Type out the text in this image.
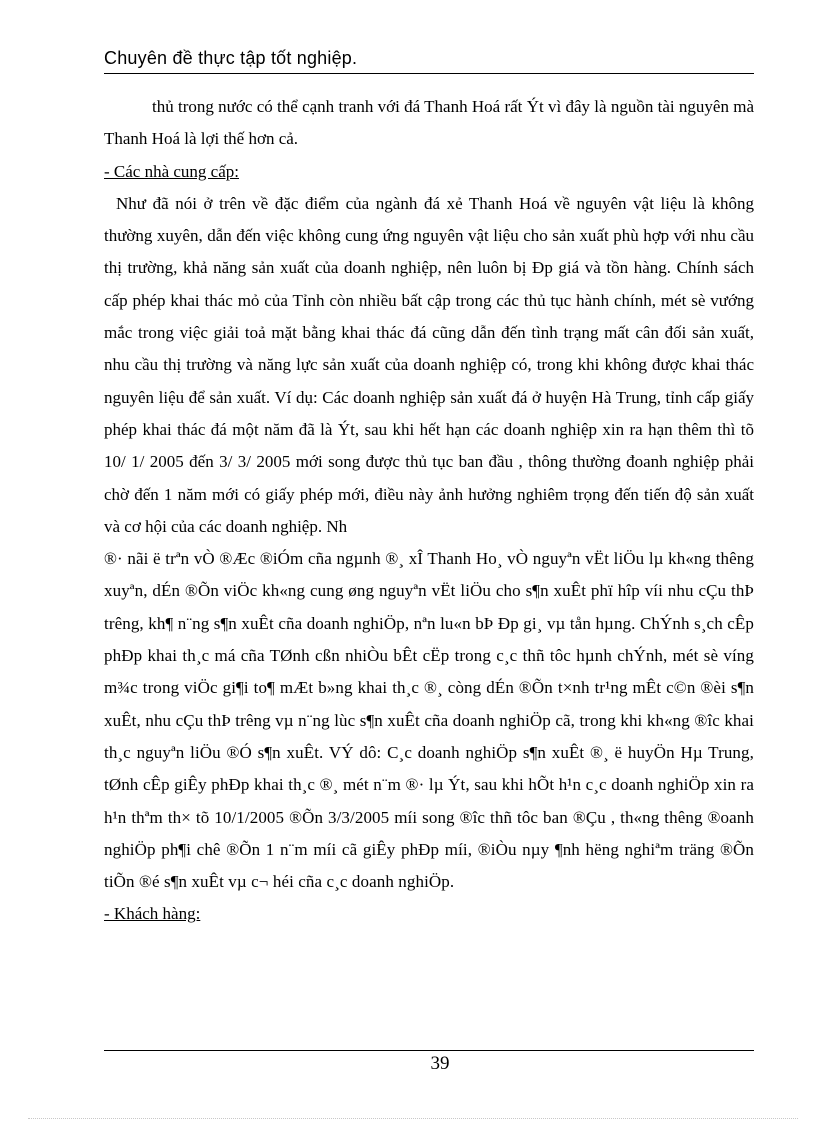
Chuyên đề thực tập tốt nghiệp.

thủ trong nước có thể cạnh tranh với đá Thanh Hoá rất Ýt vì đây là nguồn tài nguyên mà Thanh Hoá là lợi thế hơn cả.

- Các nhà cung cấp:

Như đã nói ở trên về đặc điểm của ngành đá xẻ Thanh Hoá về nguyên vật liệu là không thường xuyên, dẫn đến việc không cung ứng nguyên vật liệu cho sản xuất phù hợp với nhu cầu thị trường, khả năng sản xuất của doanh nghiệp, nên luôn bị Ðp giá và tồn hàng. Chính sách cấp phép khai thác mỏ của Tỉnh còn nhiều bất cập trong các thủ tục hành chính, mét sè vướng mắc trong việc giải toả mặt bằng khai thác đá cũng dẫn đến tình trạng mất cân đối sản xuất, nhu cầu thị trường và năng lực sản xuất của doanh nghiệp có, trong khi không được khai thác nguyên liệu để sản xuất. Ví dụ: Các doanh nghiệp sản xuất đá ở huyện Hà Trung, tỉnh cấp giấy phép khai thác đá một năm đã là Ýt, sau khi hết hạn các doanh nghiệp xin ra hạn thêm thì tõ 10/ 1/ 2005 đến 3/ 3/ 2005 mới song được thủ tục ban đầu , thông thường đoanh nghiệp phải chờ đến 1 năm mới có giấy phép mới, điều này ảnh hưởng nghiêm trọng đến tiến độ sản xuất và cơ hội của các doanh nghiệp. Nh

®· nãi ë trªn vÒ ®Æc ®iÓm cña ngµnh ®¸ xÎ Thanh Ho¸ vÒ nguyªn vËt liÖu lµ kh«ng thêng xuyªn, dÉn ®Õn viÖc kh«ng cung øng nguyªn vËt liÖu cho s¶n xuÊt phï hîp víi nhu cÇu thÞ trêng, kh¶ n¨ng s¶n xuÊt cña doanh nghiÖp, nªn lu«n bÞ Ðp gi¸ vµ tån hµng. ChÝnh s¸ch cÊp phÐp khai th¸c má cña TØnh cßn nhiÒu bÊt cËp trong c¸c thñ tôc hµnh chÝnh, mét sè víng m¾c trong viÖc gi¶i to¶ mÆt b»ng khai th¸c ®¸ còng dÉn ®Õn t×nh tr¹ng mÊt c©n ®èi s¶n xuÊt, nhu cÇu thÞ trêng vµ n¨ng lùc s¶n xuÊt cña doanh nghiÖp cã, trong khi kh«ng ®îc khai th¸c nguyªn liÖu ®Ó s¶n xuÊt. VÝ dô: C¸c doanh nghiÖp s¶n xuÊt ®¸ ë huyÖn Hµ Trung, tØnh cÊp giÊy phÐp khai th¸c ®¸ mét n¨m ®· lµ Ýt, sau khi hÕt h¹n c¸c doanh nghiÖp xin ra h¹n thªm th× tõ 10/1/2005 ®Õn 3/3/2005 míi song ®îc thñ tôc ban ®Çu , th«ng thêng ®oanh nghiÖp ph¶i chê ®Õn 1 n¨m míi cã giÊy phÐp míi, ®iÒu nµy ¶nh hëng nghiªm träng ®Õn tiÕn ®é s¶n xuÊt vµ c¬ héi cña c¸c doanh nghiÖp.

- Khách hàng:

39
